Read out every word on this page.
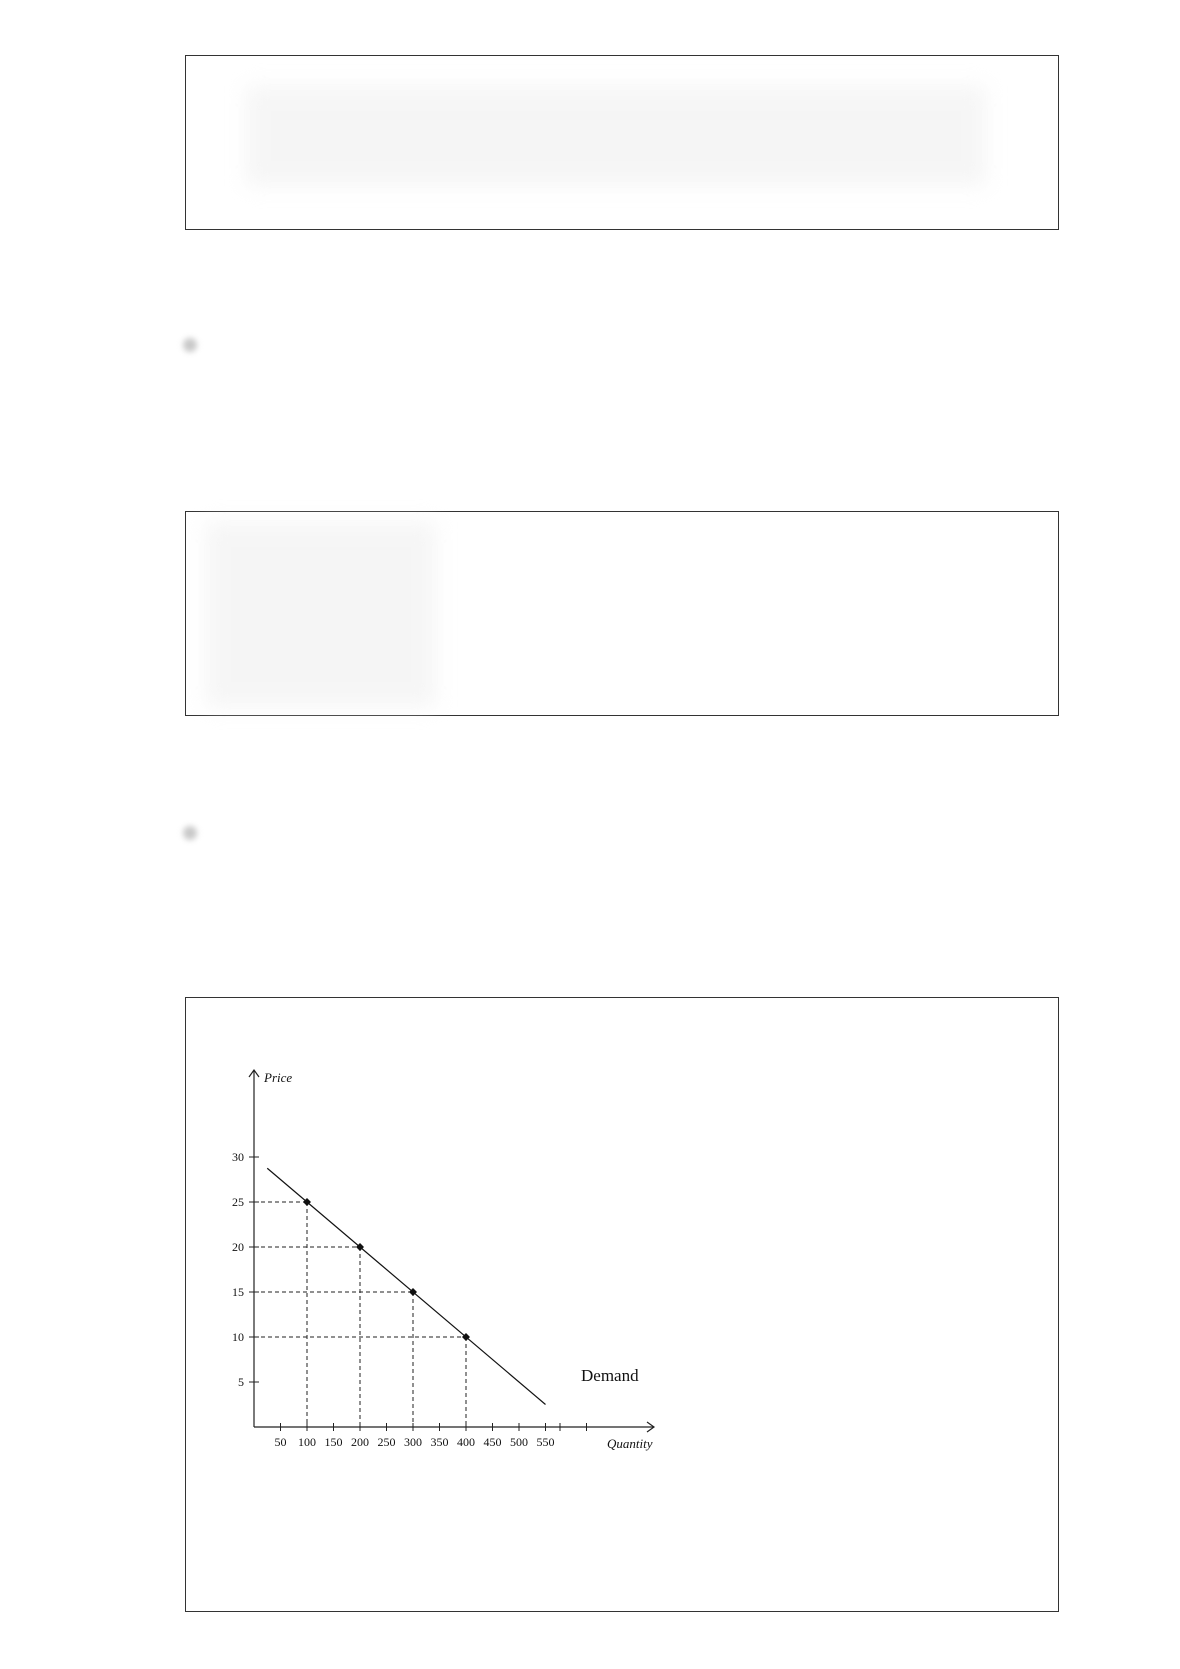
Price
Quantity
50 100 150 200 250 300 350 400 450 500 550
5
10
15
20
25
30
Demand
